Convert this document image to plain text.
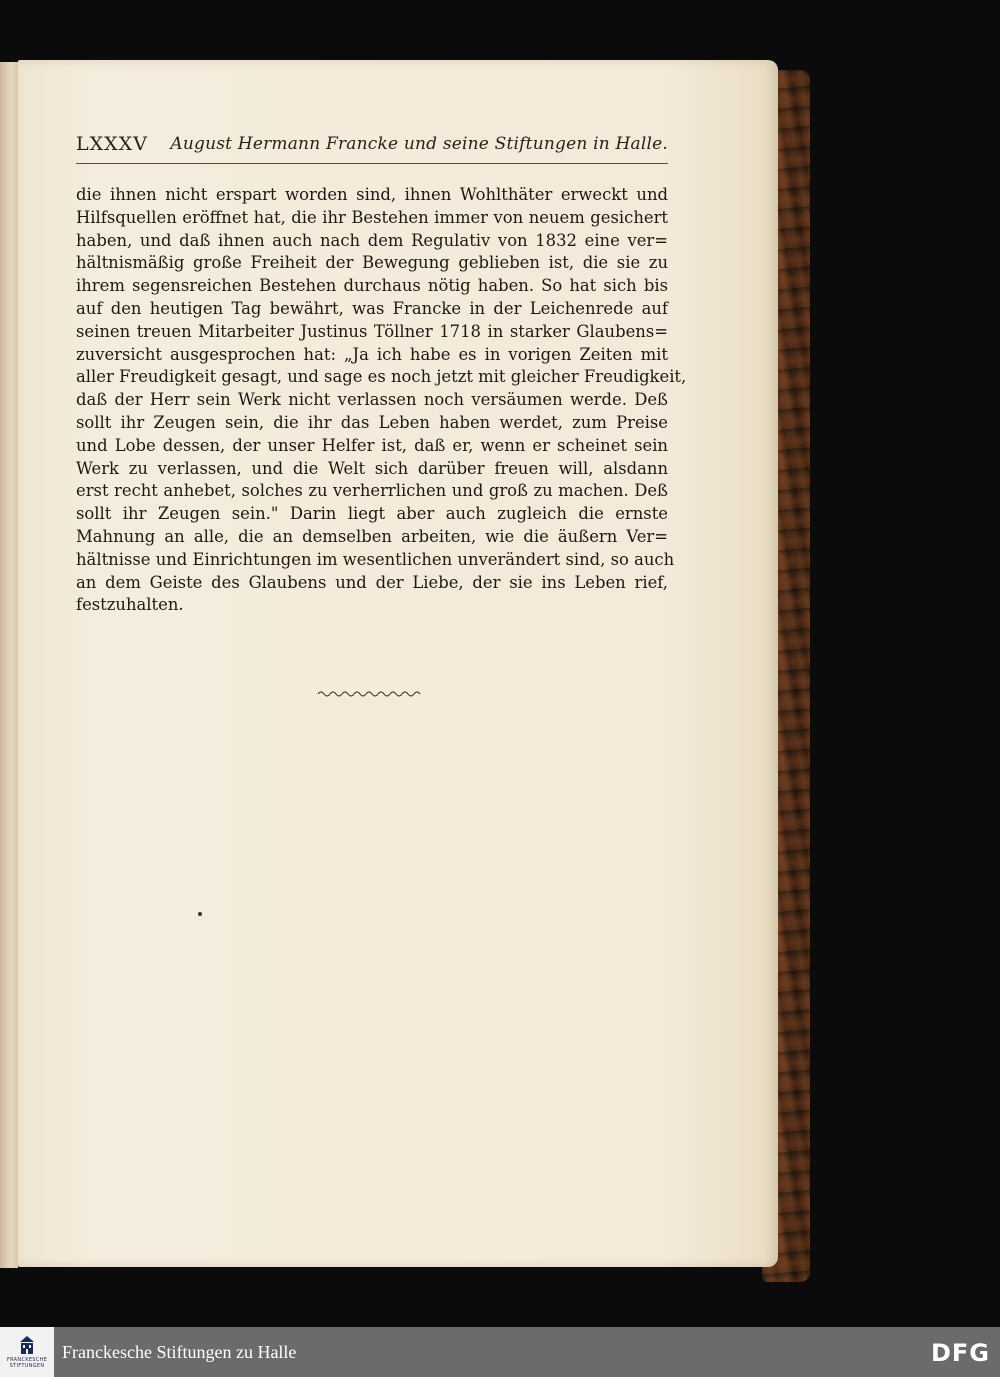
LXXXV August Hermann Francke und seine Stiftungen in Halle.
die ihnen nicht erspart worden sind, ihnen Wohlthäter erweckt und
Hilfsquellen eröffnet hat, die ihr Bestehen immer von neuem gesichert
haben, und daß ihnen auch nach dem Regulativ von 1832 eine ver=
hältnismäßig große Freiheit der Bewegung geblieben ist, die sie zu
ihrem segensreichen Bestehen durchaus nötig haben. So hat sich bis
auf den heutigen Tag bewährt, was Francke in der Leichenrede auf
seinen treuen Mitarbeiter Justinus Töllner 1718 in starker Glaubens=
zuversicht ausgesprochen hat: „Ja ich habe es in vorigen Zeiten mit
aller Freudigkeit gesagt, und sage es noch jetzt mit gleicher Freudigkeit,
daß der Herr sein Werk nicht verlassen noch versäumen werde. Deß
sollt ihr Zeugen sein, die ihr das Leben haben werdet, zum Preise
und Lobe dessen, der unser Helfer ist, daß er, wenn er scheinet sein
Werk zu verlassen, und die Welt sich darüber freuen will, alsdann
erst recht anhebet, solches zu verherrlichen und groß zu machen. Deß
sollt ihr Zeugen sein." Darin liegt aber auch zugleich die ernste
Mahnung an alle, die an demselben arbeiten, wie die äußern Ver=
hältnisse und Einrichtungen im wesentlichen unverändert sind, so auch
an dem Geiste des Glaubens und der Liebe, der sie ins Leben rief,
festzuhalten.
FRANCKESCHE
STIFTUNGEN
Franckesche Stiftungen zu Halle	DFG
